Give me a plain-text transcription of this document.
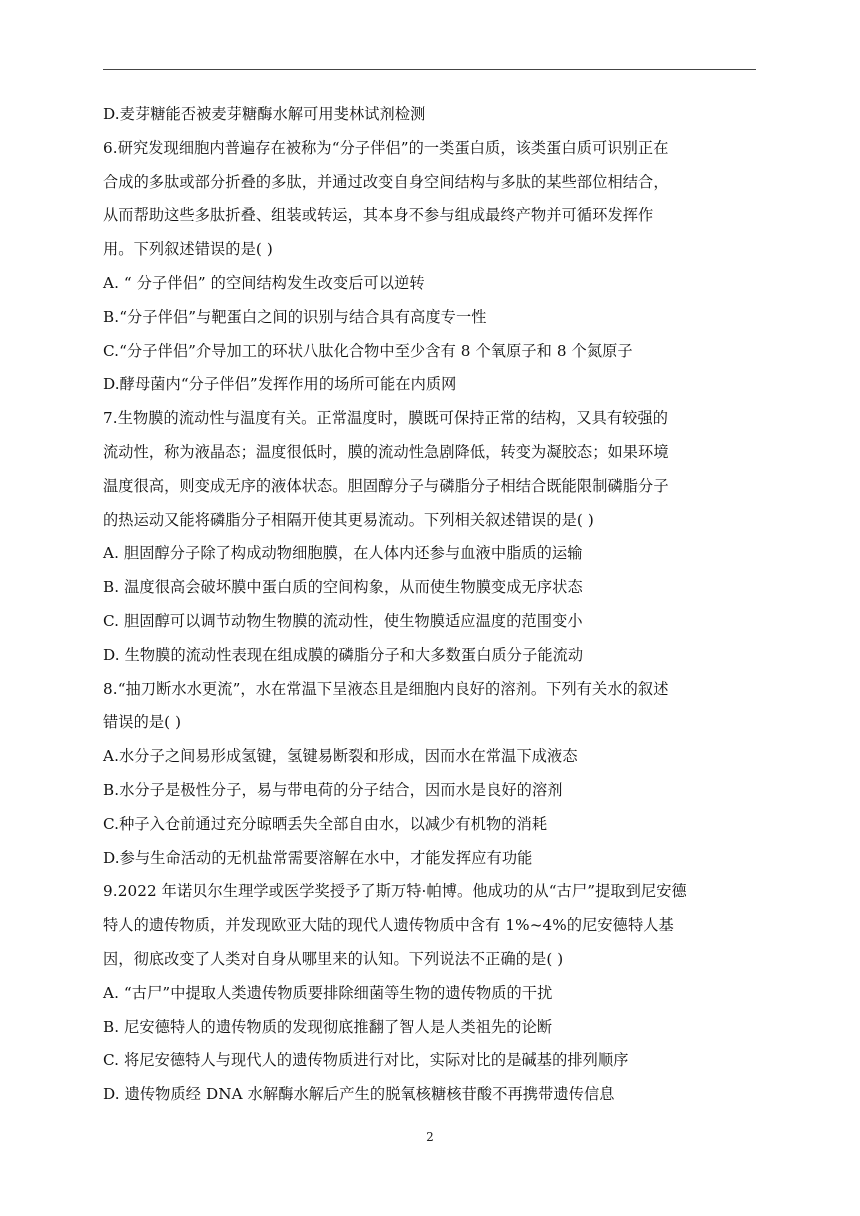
D.麦芽糖能否被麦芽糖酶水解可用斐林试剂检测
6.研究发现细胞内普遍存在被称为“分子伴侣”的一类蛋白质，该类蛋白质可识别正在
合成的多肽或部分折叠的多肽，并通过改变自身空间结构与多肽的某些部位相结合，
从而帮助这些多肽折叠、组装或转运，其本身不参与组成最终产物并可循环发挥作
用。下列叙述错误的是( )
A. “ 分子伴侣” 的空间结构发生改变后可以逆转
B.“分子伴侣”与靶蛋白之间的识别与结合具有高度专一性
C.“分子伴侣”介导加工的环状八肽化合物中至少含有 8 个氧原子和 8 个氮原子
D.酵母菌内“分子伴侣”发挥作用的场所可能在内质网
7.生物膜的流动性与温度有关。正常温度时，膜既可保持正常的结构，又具有较强的
流动性，称为液晶态；温度很低时，膜的流动性急剧降低，转变为凝胶态；如果环境
温度很高，则变成无序的液体状态。胆固醇分子与磷脂分子相结合既能限制磷脂分子
的热运动又能将磷脂分子相隔开使其更易流动。下列相关叙述错误的是( )
A. 胆固醇分子除了构成动物细胞膜，在人体内还参与血液中脂质的运输
B. 温度很高会破坏膜中蛋白质的空间构象，从而使生物膜变成无序状态
C. 胆固醇可以调节动物生物膜的流动性，使生物膜适应温度的范围变小
D. 生物膜的流动性表现在组成膜的磷脂分子和大多数蛋白质分子能流动
8.“抽刀断水水更流”，水在常温下呈液态且是细胞内良好的溶剂。下列有关水的叙述
错误的是( )
A.水分子之间易形成氢键，氢键易断裂和形成，因而水在常温下成液态
B.水分子是极性分子，易与带电荷的分子结合，因而水是良好的溶剂
C.种子入仓前通过充分晾晒丢失全部自由水，以减少有机物的消耗
D.参与生命活动的无机盐常需要溶解在水中，才能发挥应有功能
9.2022 年诺贝尔生理学或医学奖授予了斯万特·帕博。他成功的从“古尸”提取到尼安德
特人的遗传物质，并发现欧亚大陆的现代人遗传物质中含有 1%~4%的尼安德特人基
因，彻底改变了人类对自身从哪里来的认知。下列说法不正确的是( )
A. “古尸”中提取人类遗传物质要排除细菌等生物的遗传物质的干扰
B. 尼安德特人的遗传物质的发现彻底推翻了智人是人类祖先的论断
C. 将尼安德特人与现代人的遗传物质进行对比，实际对比的是碱基的排列顺序
D. 遗传物质经 DNA 水解酶水解后产生的脱氧核糖核苷酸不再携带遗传信息
2
